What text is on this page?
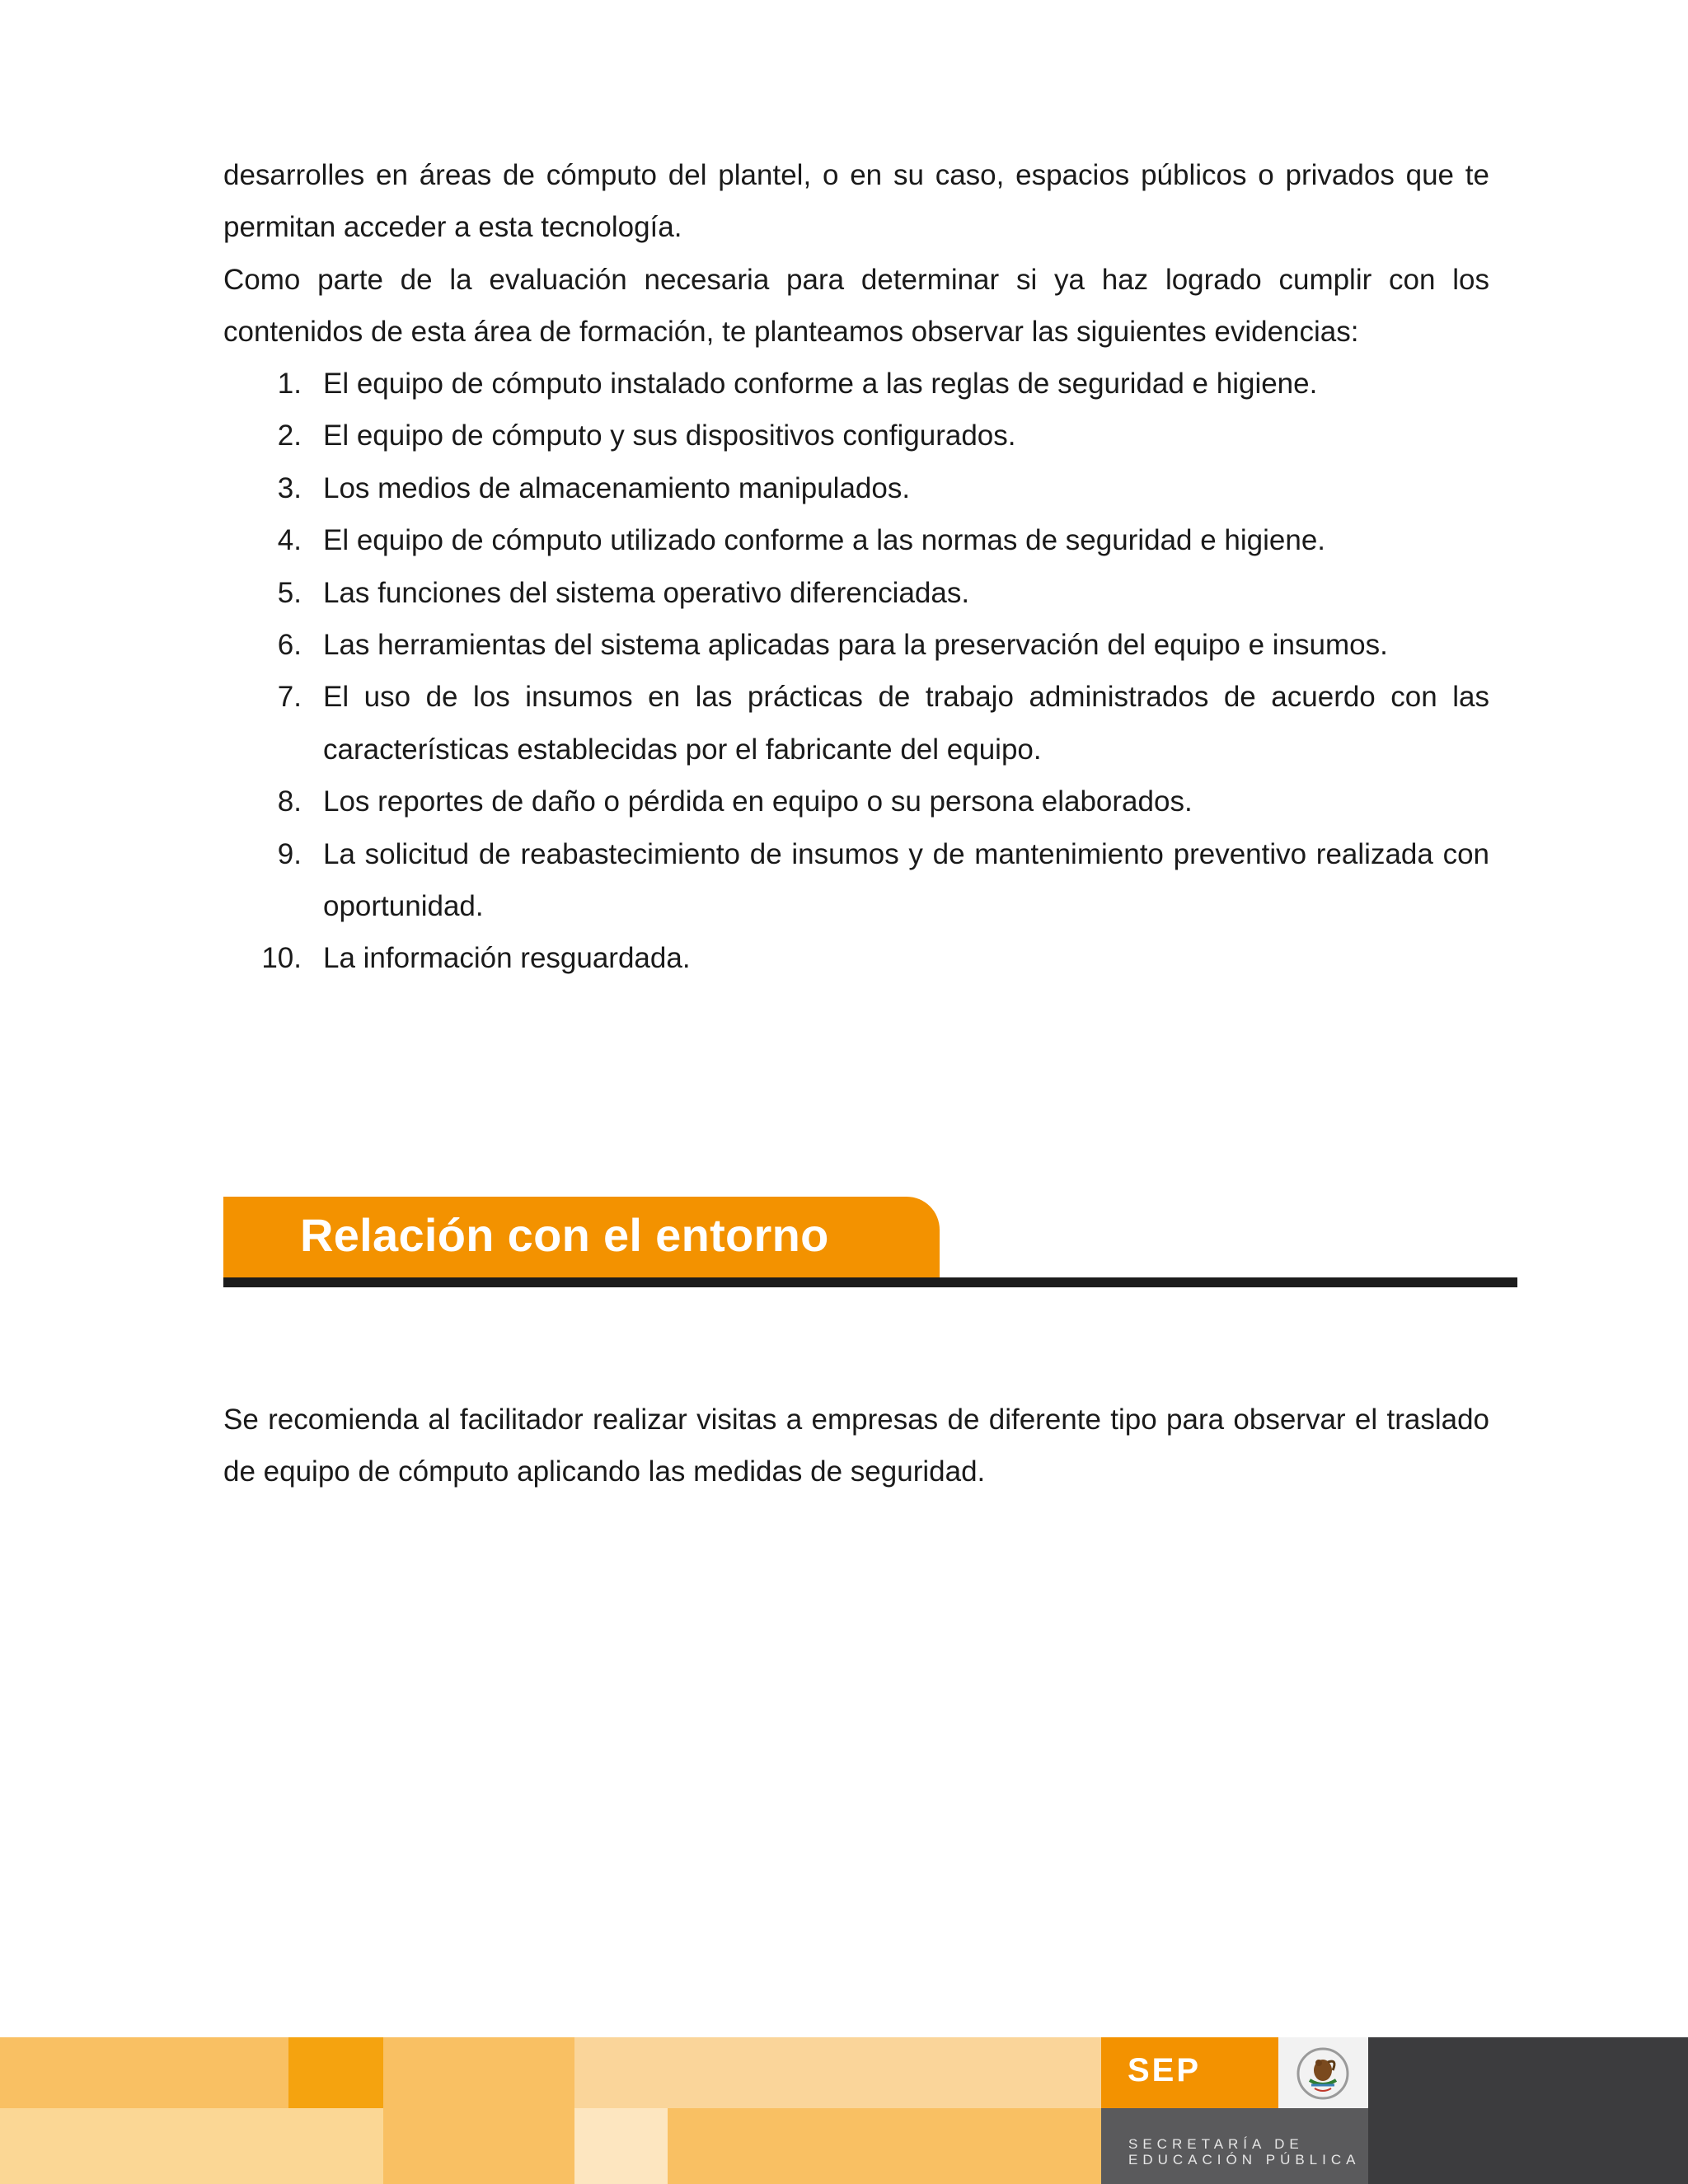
desarrolles en áreas de cómputo del plantel, o en su caso, espacios públicos o privados que te permitan acceder a esta tecnología.

Como parte de la evaluación necesaria para determinar si ya haz logrado cumplir con los contenidos de esta área de formación, te planteamos observar las siguientes evidencias:

1. El equipo de cómputo instalado conforme a las reglas de seguridad e higiene.
2. El equipo de cómputo y sus dispositivos configurados.
3. Los medios de almacenamiento manipulados.
4. El equipo de cómputo utilizado conforme a las normas de seguridad e higiene.
5. Las funciones del sistema operativo diferenciadas.
6. Las herramientas del sistema aplicadas para la preservación del equipo e insumos.
7. El uso de los insumos en las prácticas de trabajo administrados de acuerdo con las características establecidas por el fabricante del equipo.
8. Los reportes de daño o pérdida en equipo o su persona elaborados.
9. La solicitud de reabastecimiento de insumos y de mantenimiento preventivo realizada con oportunidad.
10. La información resguardada.
Relación con el entorno

Se recomienda al facilitador realizar visitas a empresas de diferente tipo para observar el traslado de equipo de cómputo aplicando las medidas de seguridad.

SEP
SECRETARÍA DE
EDUCACIÓN PÚBLICA
